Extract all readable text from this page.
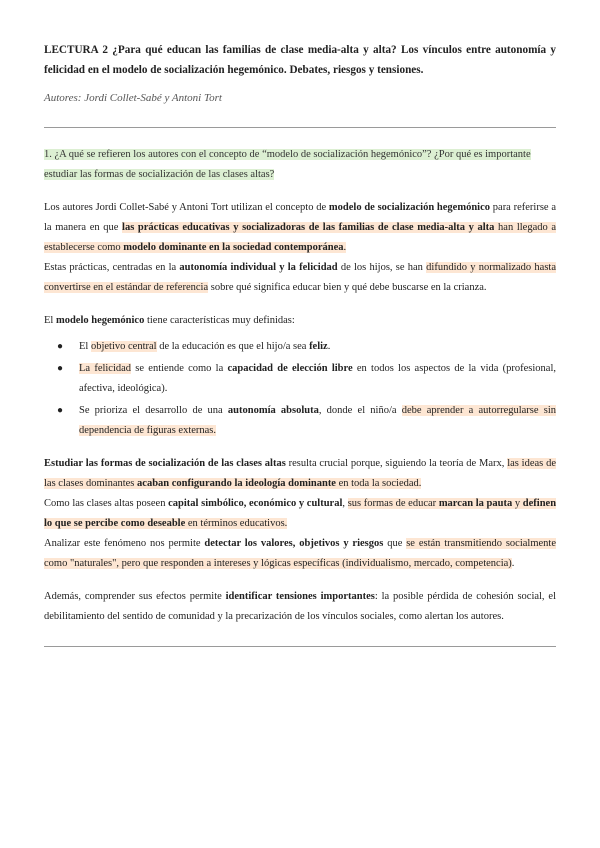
LECTURA 2 ¿Para qué educan las familias de clase media-alta y alta? Los vínculos entre autonomía y felicidad en el modelo de socialización hegemónico. Debates, riesgos y tensiones.

Autores: Jordi Collet-Sabé y Antoni Tort
1. ¿A qué se refieren los autores con el concepto de “modelo de socialización hegemónico”? ¿Por qué es importante estudiar las formas de socialización de las clases altas?

Los autores Jordi Collet-Sabé y Antoni Tort utilizan el concepto de modelo de socialización hegemónico para referirse a la manera en que las prácticas educativas y socializadoras de las familias de clase media-alta y alta han llegado a establecerse como modelo dominante en la sociedad contemporánea.

Estas prácticas, centradas en la autonomía individual y la felicidad de los hijos, se han difundido y normalizado hasta convertirse en el estándar de referencia sobre qué significa educar bien y qué debe buscarse en la crianza.

El modelo hegemónico tiene características muy definidas:

● El objetivo central de la educación es que el hijo/a sea feliz.
● La felicidad se entiende como la capacidad de elección libre en todos los aspectos de la vida (profesional, afectiva, ideológica).
● Se prioriza el desarrollo de una autonomía absoluta, donde el niño/a debe aprender a autorregularse sin dependencia de figuras externas.

Estudiar las formas de socialización de las clases altas resulta crucial porque, siguiendo la teoría de Marx, las ideas de las clases dominantes acaban configurando la ideología dominante en toda la sociedad.

Como las clases altas poseen capital simbólico, económico y cultural, sus formas de educar marcan la pauta y definen lo que se percibe como deseable en términos educativos.

Analizar este fenómeno nos permite detectar los valores, objetivos y riesgos que se están transmitiendo socialmente como "naturales", pero que responden a intereses y lógicas específicas (individualismo, mercado, competencia).

Además, comprender sus efectos permite identificar tensiones importantes: la posible pérdida de cohesión social, el debilitamiento del sentido de comunidad y la precarización de los vínculos sociales, como alertan los autores.
